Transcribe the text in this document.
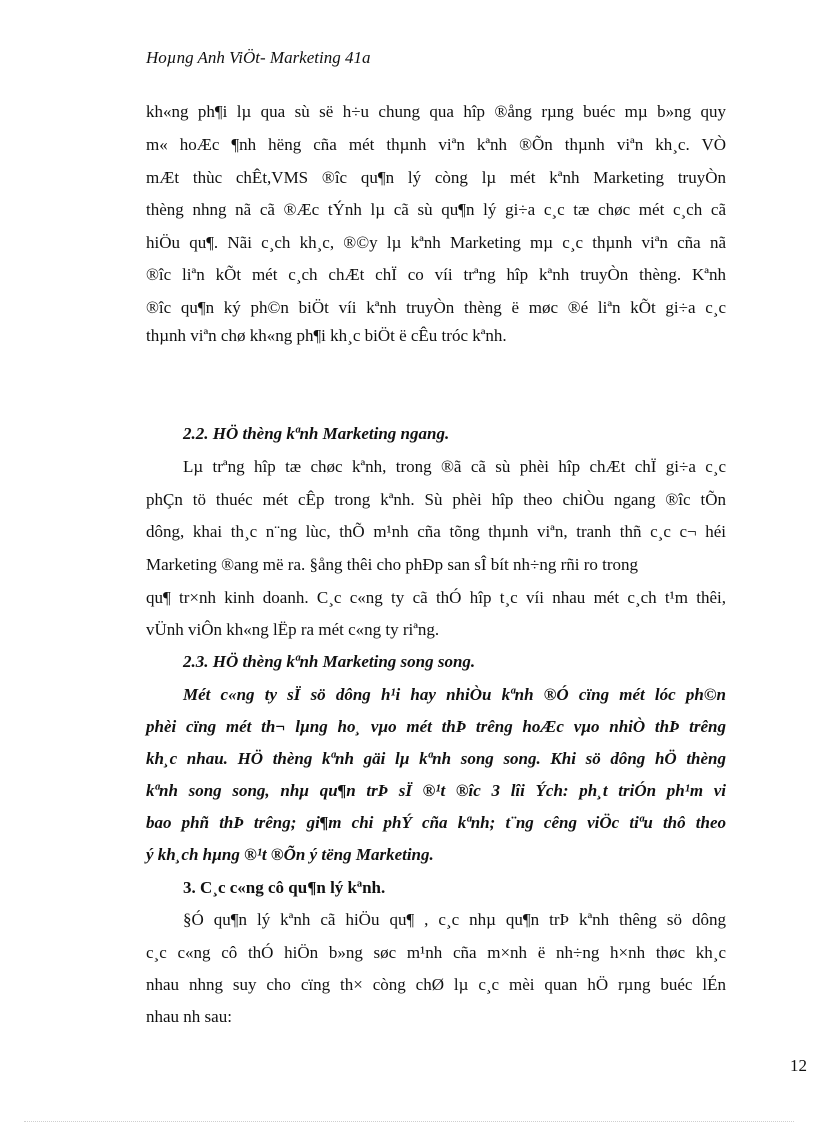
Hoµng Anh ViÖt- Marketing 41a
kh«ng ph¶i lµ qua sù së h÷u chung qua hîp ®ång rµng buéc mµ b»ng quy
m« hoÆc ¶nh hëng cña mét thµnh viªn kªnh ®Õn thµnh viªn kh¸c. VÒ
mÆt thùc chÊt,VMS ®îc qu¶n lý còng lµ mét kªnh Marketing truyÒn
thèng nhng nã cã ®Æc tÝnh lµ cã sù qu¶n lý gi÷a c¸c tæ chøc mét c¸ch cã
hiÖu qu¶. Nãi c¸ch kh¸c, ®©y lµ kªnh Marketing mµ c¸c thµnh viªn cña nã
®îc liªn kÕt mét c¸ch chÆt chÏ co víi trªng hîp kªnh truyÒn thèng. Kªnh
®îc qu¶n ký ph©n biÖt víi kªnh truyÒn thèng ë møc ®é liªn kÕt gi÷a c¸c
thµnh viªn chø kh«ng ph¶i kh¸c biÖt ë cÊu tróc kªnh.
2.2. HÖ thèng kªnh Marketing ngang.
Lµ trªng hîp tæ chøc kªnh, trong ®ã cã sù phèi hîp chÆt chÏ gi÷a c¸c
phÇn tö thuéc mét cÊp trong kªnh. Sù phèi hîp theo chiÒu ngang ®îc tÕn
dông, khai th¸c n¨ng lùc, thÕ m¹nh cña tõng thµnh viªn, tranh thñ c¸c c¬ héi
Marketing ®ang më ra. §ång thêi cho phÐp san sÎ bít nh÷ng rñi ro trong
qu¶ tr×nh kinh doanh. C¸c c«ng ty cã thÓ hîp t¸c víi nhau mét c¸ch t¹m thêi,
vÜnh viÔn kh«ng lËp ra mét c«ng ty riªng.
2.3. HÖ thèng kªnh Marketing song song.
Mét c«ng ty sÏ sö dông h¹i hay nhiÒu kªnh ®Ó cïng mét lóc ph©n
phèi cïng mét th¬ lµng ho¸ vµo mét thÞ trêng hoÆc vµo nhiÒ thÞ trêng
kh¸c nhau. HÖ thèng kªnh gäi lµ kªnh song song. Khi sö dông hÖ thèng
kªnh song song, nhµ qu¶n trÞ sÏ ®¹t ®îc 3 lîi Ých: ph¸t triÓn ph¹m vi
bao phñ thÞ trêng; gi¶m chi phÝ cña kªnh; t¨ng cêng viÖc tiªu thô theo
ý kh¸ch hµng ®¹t ®Õn ý tëng Marketing.
3. C¸c c«ng cô qu¶n lý kªnh.
§Ó qu¶n lý kªnh cã hiÖu qu¶ , c¸c nhµ qu¶n trÞ kªnh thêng sö dông
c¸c c«ng cô thÓ hiÖn b»ng søc m¹nh cña m×nh ë nh÷ng h×nh thøc kh¸c
nhau nhng suy cho cïng th× còng chØ lµ c¸c mèi quan hÖ rµng buéc lÉn
nhau nh sau:
12
